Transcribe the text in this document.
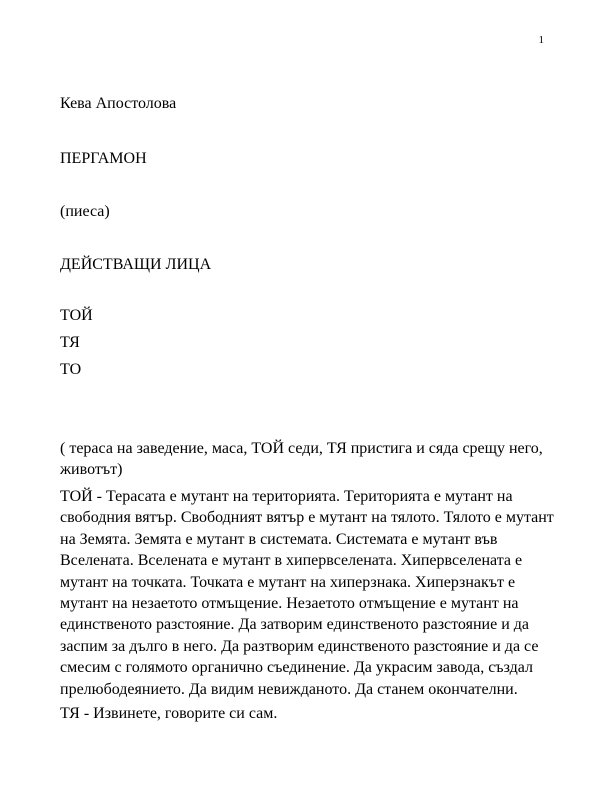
1
Кева Апостолова
ПЕРГАМОН
(пиеса)
ДЕЙСТВАЩИ ЛИЦА
ТОЙ
ТЯ
ТО
( тераса на заведение, маса, ТОЙ седи, ТЯ пристига и сяда срещу него, животът)
ТОЙ - Терасата е мутант на територията. Територията е мутант на свободния вятър. Свободният вятър е мутант на тялото. Тялото е мутант на Земята. Земята е мутант в системата. Системата е мутант във Вселената. Вселената е мутант в хипервселената. Хипервселената е мутант на точката. Точката е мутант на хиперзнака. Хиперзнакът е мутант на незаетото отмъщение. Незаетото отмъщение е мутант на единственото разстояние. Да затворим единственото разстояние и да заспим за дълго в него. Да разтворим единственото разстояние и да се смесим с голямото органично съединение. Да украсим завода, създал прелюбодеянието. Да видим невижданото. Да станем окончателни.
ТЯ - Извинете, говорите си сам.
